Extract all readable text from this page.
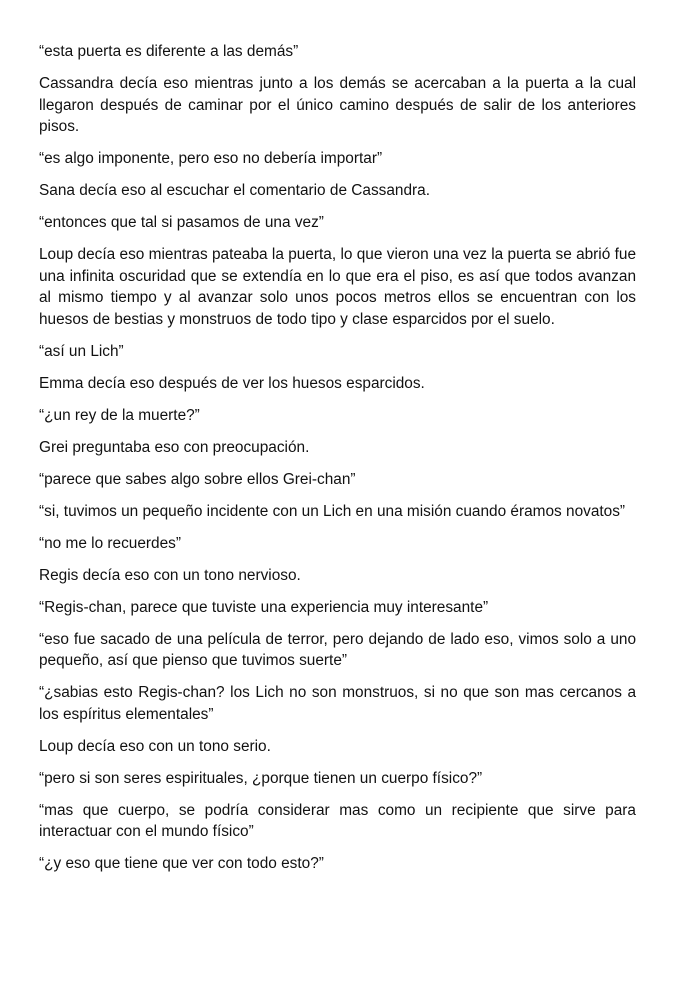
“esta puerta es diferente a las demás”

Cassandra decía eso mientras junto a los demás se acercaban a la puerta a la cual llegaron después de caminar por el único camino después de salir de los anteriores pisos.

“es algo imponente, pero eso no debería importar”

Sana decía eso al escuchar el comentario de Cassandra.

“entonces que tal si pasamos de una vez”

Loup decía eso mientras pateaba la puerta, lo que vieron una vez la puerta se abrió fue una infinita oscuridad que se extendía en lo que era el piso, es así que todos avanzan al mismo tiempo y al avanzar solo unos pocos metros ellos se encuentran con los huesos de bestias y monstruos de todo tipo y clase esparcidos por el suelo.

“así un Lich”

Emma decía eso después de ver los huesos esparcidos.

“¿un rey de la muerte?”

Grei preguntaba eso con preocupación.

“parece que sabes algo sobre ellos Grei-chan”

“si, tuvimos un pequeño incidente con un Lich en una misión cuando éramos novatos”

“no me lo recuerdes”

Regis decía eso con un tono nervioso.

“Regis-chan, parece que tuviste una experiencia muy interesante”

“eso fue sacado de una película de terror, pero dejando de lado eso, vimos solo a uno pequeño, así que pienso que tuvimos suerte”

“¿sabias esto Regis-chan? los Lich no son monstruos, si no que son mas cercanos a los espíritus elementales”

Loup decía eso con un tono serio.

“pero si son seres espirituales, ¿porque tienen un cuerpo físico?”

“mas que cuerpo, se podría considerar mas como un recipiente que sirve para interactuar con el mundo físico”

“¿y eso que tiene que ver con todo esto?”
